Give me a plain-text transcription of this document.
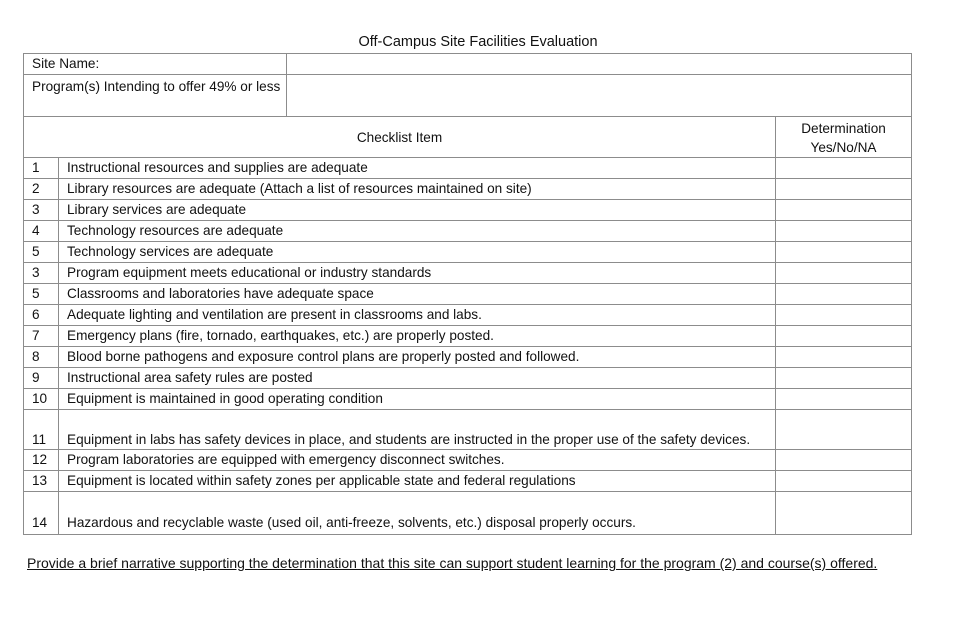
Off-Campus Site Facilities Evaluation
Site Name:		

Program(s) Intending to offer 49% or less		

Checklist Item		Determination
Yes/No/NA

1	Instructional resources and supplies are adequate	
2	Library resources are adequate (Attach a list of resources maintained on site)	
3	Library services are adequate	
4	Technology resources are adequate	
5	Technology services are adequate	
3	Program equipment meets educational or industry standards	
5	Classrooms and laboratories have adequate space	
6	Adequate lighting and ventilation are present in classrooms and labs.	
7	Emergency plans (fire, tornado, earthquakes, etc.) are properly posted.	
8	Blood borne pathogens and exposure control plans are properly posted and followed.	
9	Instructional area safety rules are posted	
10	Equipment is maintained in good operating condition	
11	Equipment in labs has safety devices in place, and students are instructed in the proper use of the safety devices.	
12	Program laboratories are equipped with emergency disconnect switches.	
13	Equipment is located within safety zones per applicable state and federal regulations	
14	Hazardous and recyclable waste (used oil, anti-freeze, solvents, etc.) disposal properly occurs.	
Provide a brief narrative supporting the determination that this site can support student learning for the program (2) and course(s) offered.
